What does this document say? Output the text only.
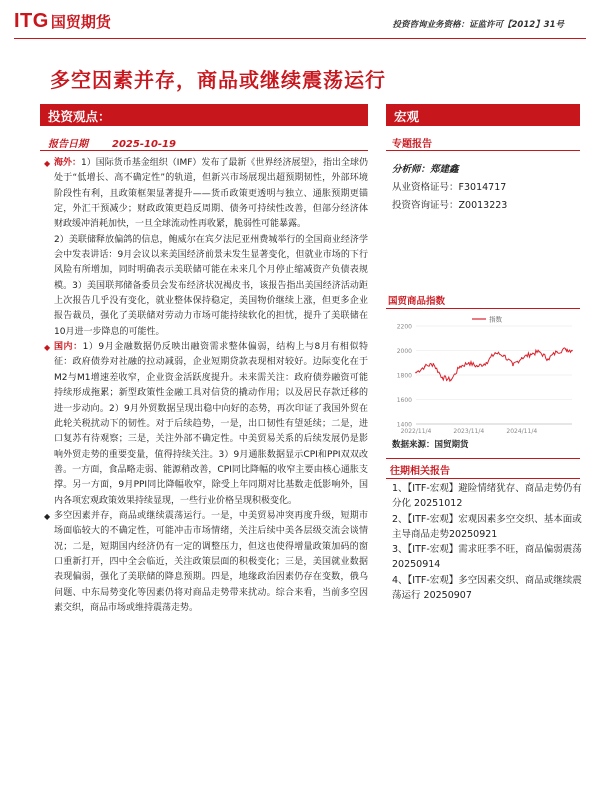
ITG 国贸期货	投资咨询业务资格：证监许可【2012】31号
多空因素并存，商品或继续震荡运行
投资观点：	宏观
报告日期 2025-10-19	专题报告

◆ 海外：1）国际货币基金组织（IMF）发布了最新《世界经济展望》，指出全球仍处于“低增长、高不确定性”的轨道，但新兴市场展现出超预期韧性，外部环境阶段性有利，且政策框架显著提升——货币政策更透明与独立、通胀预期更锚定，外汇干预减少；财政政策更趋反周期、债务可持续性改善，但部分经济体财政缓冲消耗加快，一旦全球流动性再收紧，脆弱性可能暴露。

2）美联储释放偏鸽的信息，鲍威尔在宾夕法尼亚州费城举行的全国商业经济学会中发表讲话：9月会议以来美国经济前景未发生显著变化，但就业市场的下行风险有所增加，同时明确表示美联储可能在未来几个月停止缩减资产负债表规模。3）美国联邦储备委员会发布经济状况褐皮书，该报告指出美国经济活动距上次报告几乎没有变化，就业整体保持稳定，美国物价继续上涨，但更多企业报告裁员，强化了美联储对劳动力市场可能持续软化的担忧，提升了美联储在10月进一步降息的可能性。

◆ 国内：1）9月金融数据仍反映出融资需求整体偏弱，结构上与8月有相似特征：政府债券对社融的拉动减弱，企业短期贷款表现相对较好。边际变化在于M2与M1增速差收窄，企业资金活跃度提升。未来需关注：政府债券融资可能持续形成拖累；新型政策性金融工具对信贷的撬动作用；以及居民存款迁移的进一步动向。2）9月外贸数据呈现出稳中向好的态势，再次印证了我国外贸在此轮关税扰动下的韧性。对于后续趋势，一是，出口韧性有望延续；二是，进口复苏有待观察；三是，关注外部不确定性。中美贸易关系的后续发展仍是影响外贸走势的重要变量，值得持续关注。3）9月通胀数据显示CPI和PPI双双改善。一方面，食品略走弱、能源稍改善，CPI同比降幅的收窄主要由核心通胀支撑。另一方面，9月PPI同比降幅收窄，除受上年同期对比基数走低影响外，国内各项宏观政策效果持续显现，一些行业价格呈现积极变化。

◆ 多空因素并存，商品或继续震荡运行。一是，中美贸易冲突再度升级，短期市场面临较大的不确定性，可能冲击市场情绪，关注后续中美各层级交流会谈情况；二是，短期国内经济仍有一定的调整压力，但这也使得增量政策加码的窗口重新打开，四中全会临近，关注政策层面的积极变化；三是，美国就业数据表现偏弱，强化了美联储的降息预期。四是，地缘政治因素仍存在变数，俄乌问题、中东局势变化等因素仍将对商品走势带来扰动。综合来看，当前多空因素交织，商品市场或维持震荡走势。

分析师：郑建鑫
从业资格证号：F3014717
投资咨询证号：Z0013223
国贸商品指数
1400
1600
1800
2000
2200
2022/11/4	2023/11/4	2024/11/4
指数
数据来源：国贸期货
往期相关报告
1、【ITF-宏观】避险情绪犹存、商品走势仍有分化 20251012
2、【ITF-宏观】宏观因素多空交织、基本面或主导商品走势20250921
3、【ITF-宏观】需求旺季不旺，商品偏弱震荡 20250914
4、【ITF-宏观】多空因素交织、商品或继续震荡运行 20250907
